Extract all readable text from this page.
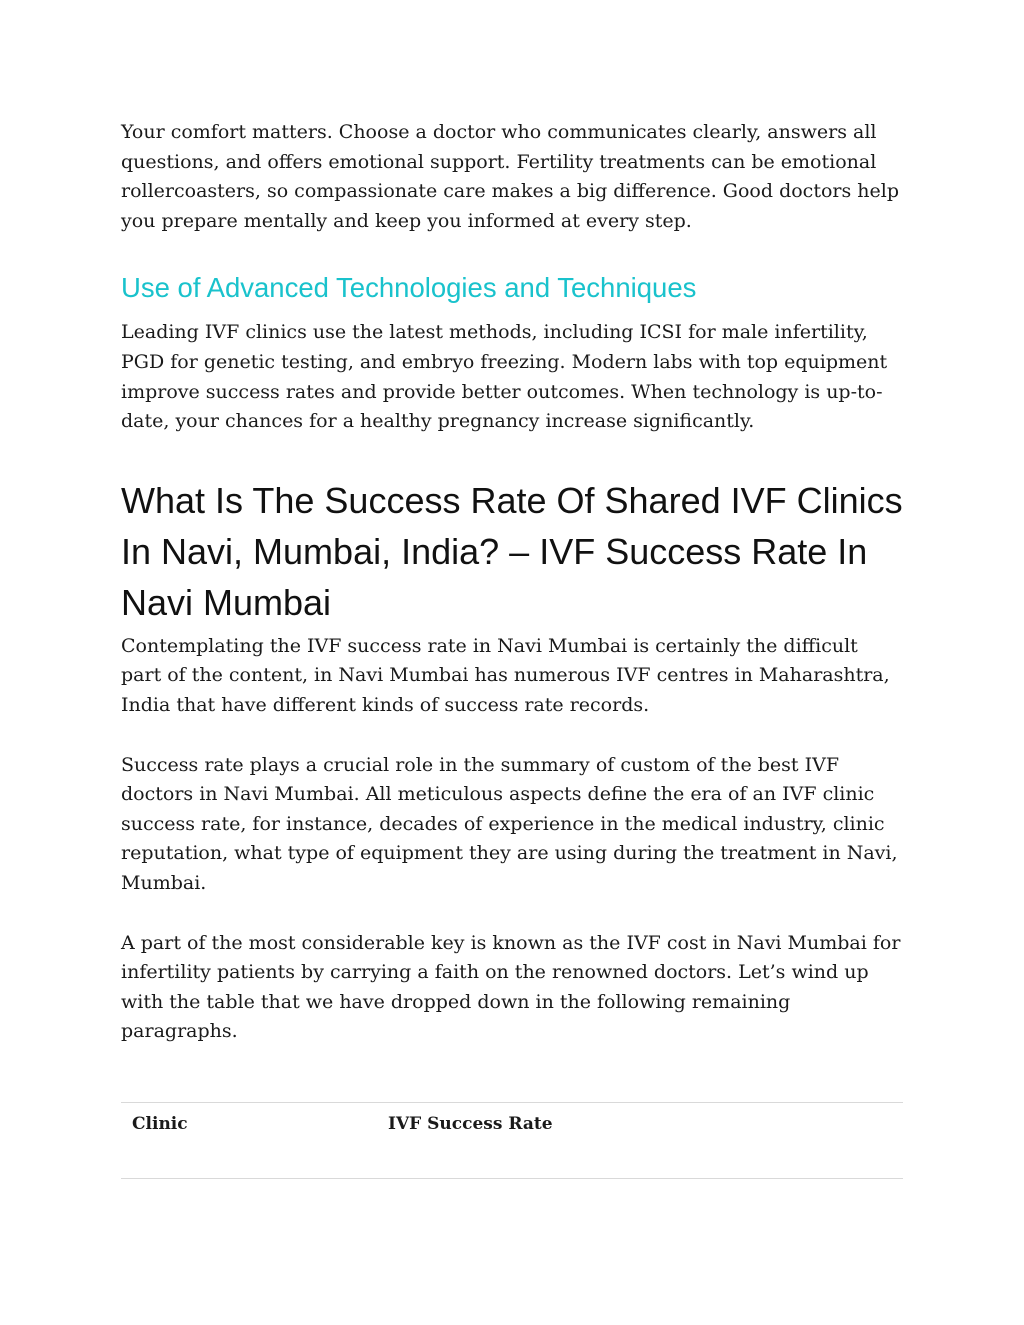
Your comfort matters. Choose a doctor who communicates clearly, answers all questions, and offers emotional support. Fertility treatments can be emotional rollercoasters, so compassionate care makes a big difference. Good doctors help you prepare mentally and keep you informed at every step.

Use of Advanced Technologies and Techniques

Leading IVF clinics use the latest methods, including ICSI for male infertility, PGD for genetic testing, and embryo freezing. Modern labs with top equipment improve success rates and provide better outcomes. When technology is up-to-date, your chances for a healthy pregnancy increase significantly.

What Is The Success Rate Of Shared IVF Clinics In Navi, Mumbai, India? – IVF Success Rate In Navi Mumbai

Contemplating the IVF success rate in Navi Mumbai is certainly the difficult part of the content, in Navi Mumbai has numerous IVF centres in Maharashtra, India that have different kinds of success rate records.

Success rate plays a crucial role in the summary of custom of the best IVF doctors in Navi Mumbai. All meticulous aspects define the era of an IVF clinic success rate, for instance, decades of experience in the medical industry, clinic reputation, what type of equipment they are using during the treatment in Navi, Mumbai.

A part of the most considerable key is known as the IVF cost in Navi Mumbai for infertility patients by carrying a faith on the renowned doctors. Let’s wind up with the table that we have dropped down in the following remaining paragraphs.

Clinic	IVF Success Rate
